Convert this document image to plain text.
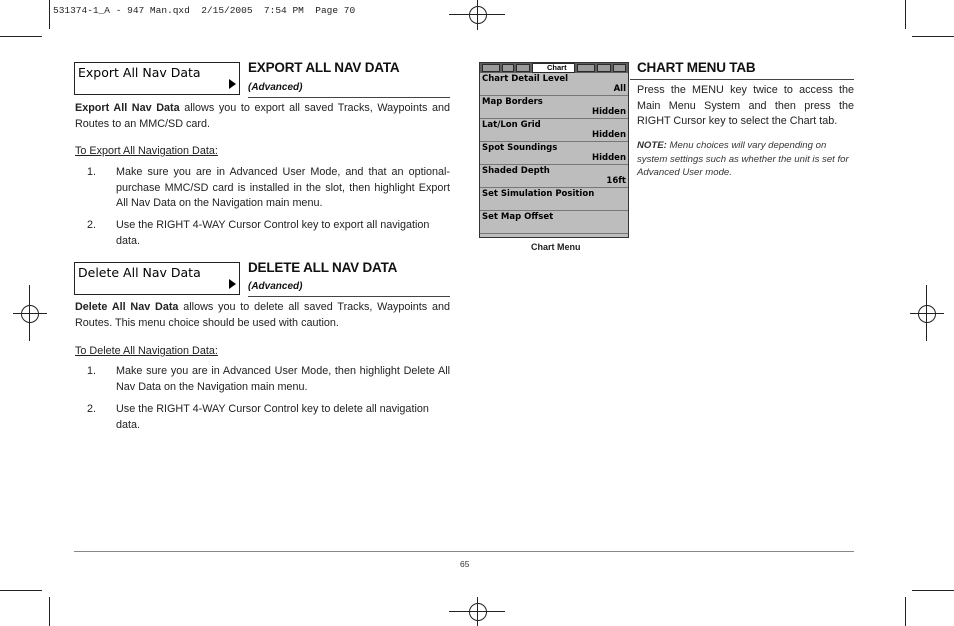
531374-1_A - 947 Man.qxd  2/15/2005  7:54 PM  Page 70
Export All Nav Data	EXPORT ALL NAV DATA
(Advanced)
Export All Nav Data allows you to export all saved Tracks, Waypoints and Routes to an MMC/SD card.
To Export All Navigation Data:
1. Make sure you are in Advanced User Mode, and that an optional-purchase MMC/SD card is installed in the slot, then highlight Export All Nav Data on the Navigation main menu.
2. Use the RIGHT 4-WAY Cursor Control key to export all navigation data.
Delete All Nav Data	DELETE ALL NAV DATA
(Advanced)
Delete All Nav Data allows you to delete all saved Tracks, Waypoints and Routes. This menu choice should be used with caution.
To Delete All Navigation Data:
1. Make sure you are in Advanced User Mode, then highlight Delete All Nav Data on the Navigation main menu.
2. Use the RIGHT 4-WAY Cursor Control key to delete all navigation data.
Chart
Chart Detail Level
All
Map Borders
Hidden
Lat/Lon Grid
Hidden
Spot Soundings
Hidden
Shaded Depth
16ft
Set Simulation Position
Set Map Offset
Chart Menu
CHART MENU TAB
Press the MENU key twice to access the Main Menu System and then press the RIGHT Cursor key to select the Chart tab.
NOTE: Menu choices will vary depending on system settings such as whether the unit is set for Advanced User mode.
65
